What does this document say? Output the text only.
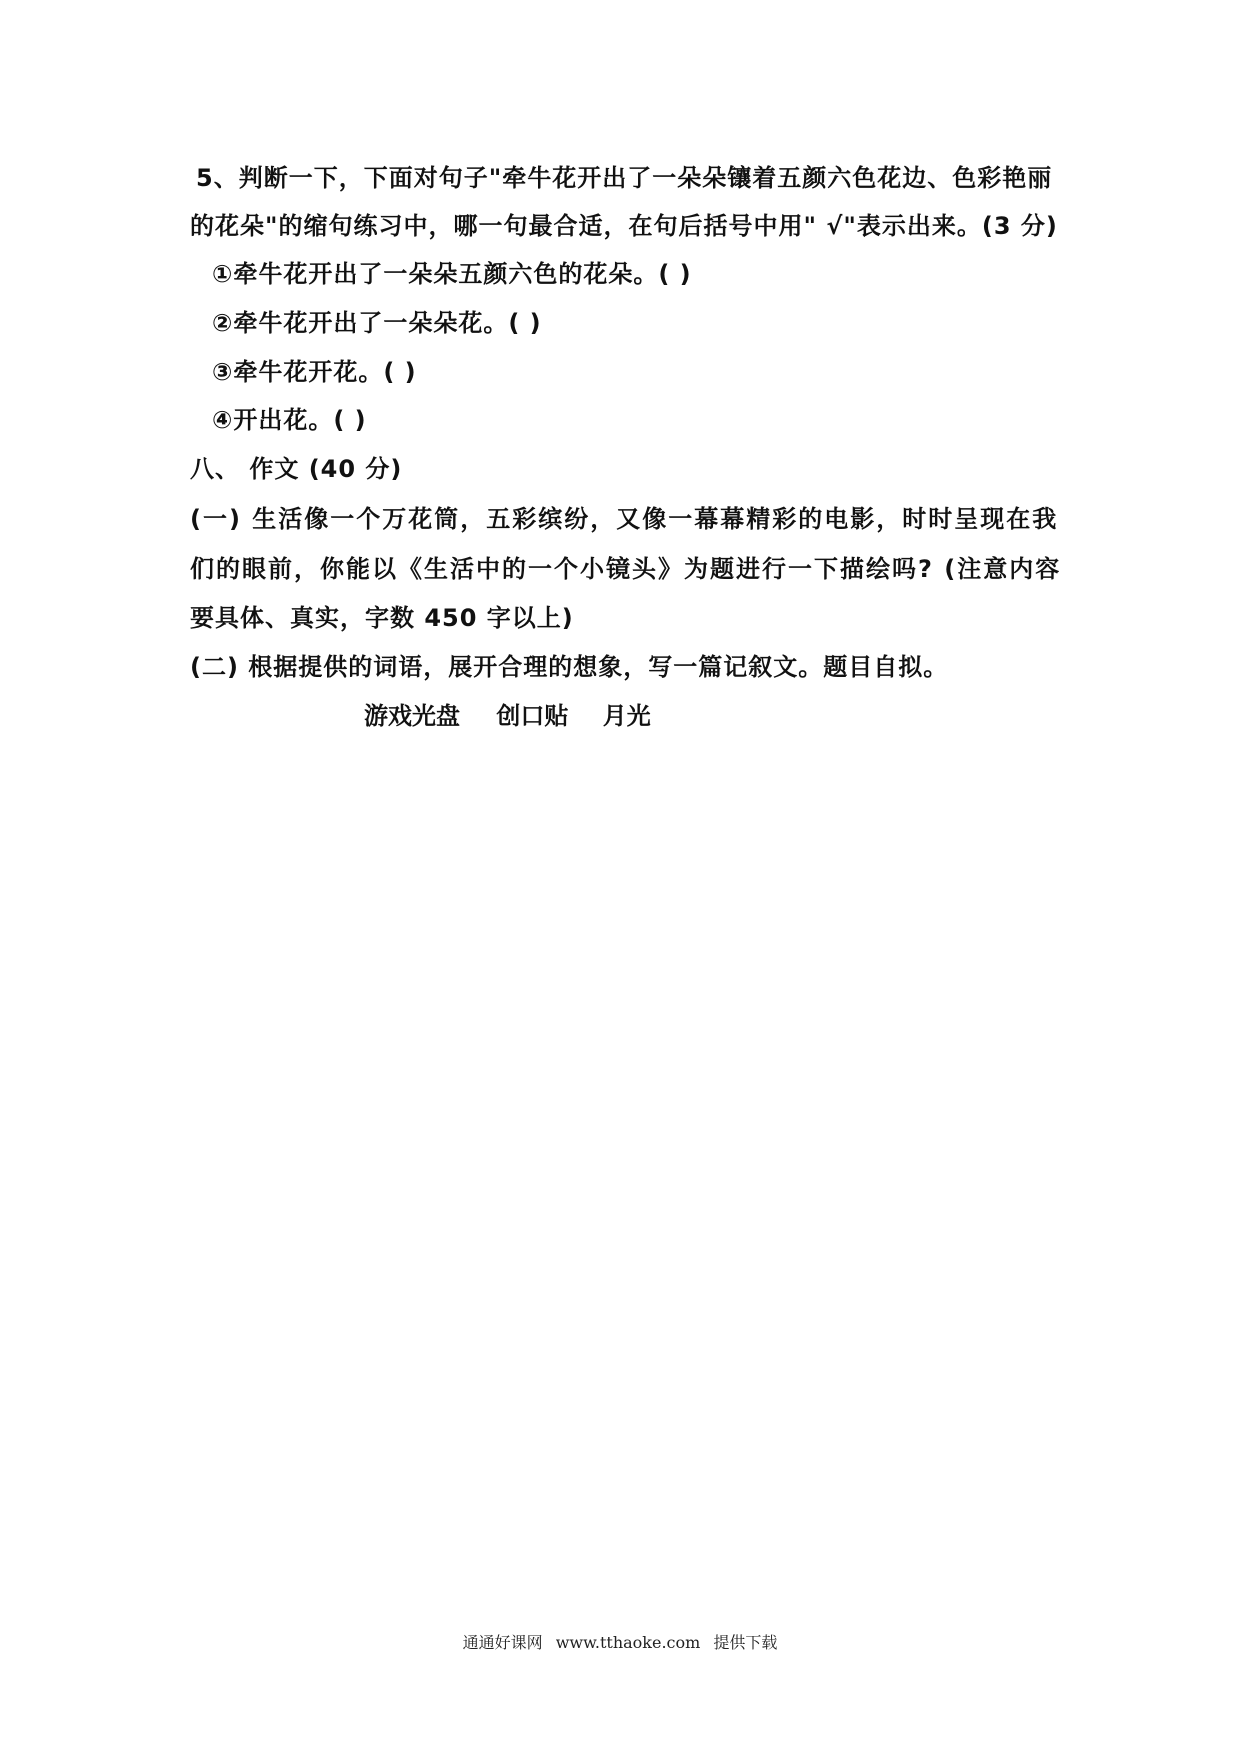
5、判断一下，下面对句子"牵牛花开出了一朵朵镶着五颜六色花边、色彩艳丽
的花朵"的缩句练习中，哪一句最合适，在句后括号中用" √"表示出来。(3 分)
①牵牛花开出了一朵朵五颜六色的花朵。( )
②牵牛花开出了一朵朵花。( )
③牵牛花开花。( )
④开出花。( )
八、 作文 (40 分)
(一) 生活像一个万花筒，五彩缤纷，又像一幕幕精彩的电影，时时呈现在我
们的眼前，你能以《生活中的一个小镜头》为题进行一下描绘吗? (注意内容
要具体、真实，字数 450 字以上)
(二) 根据提供的词语，展开合理的想象，写一篇记叙文。题目自拟。
游戏光盘 创口贴 月光
通通好课网 www.tthaoke.com 提供下载
